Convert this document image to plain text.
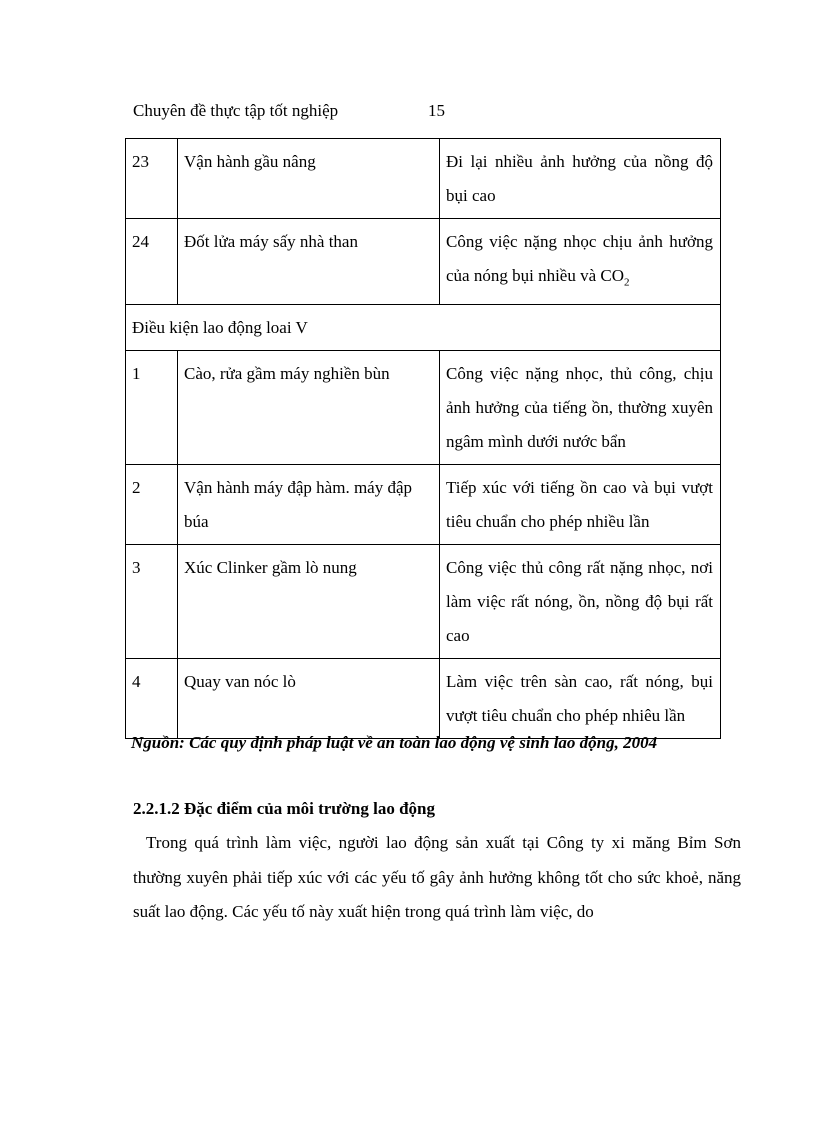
Chuyên đề thực tập tốt nghiệp	15
23	Vận hành gầu nâng	Đi lại nhiều ảnh hưởng của nồng độ bụi cao
24	Đốt lửa máy sấy nhà than	Công việc nặng nhọc chịu ảnh hưởng của nóng bụi nhiều và $CO_2$
Điều kiện lao động loai V		
1	Cào, rửa gầm máy nghiền bùn	Công việc nặng nhọc, thủ công, chịu ảnh hưởng của tiếng ồn, thường xuyên ngâm mình dưới nước bẩn
2	Vận hành máy đập hàm. máy đập búa	Tiếp xúc với tiếng ồn cao và bụi vượt tiêu chuẩn cho phép nhiều lần
3	Xúc Clinker gầm lò nung	Công việc thủ công rất nặng nhọc, nơi làm việc rất nóng, ồn, nồng độ bụi rất cao
4	Quay van nóc lò	Làm việc trên sàn cao, rất nóng, bụi vượt tiêu chuẩn cho phép nhiêu lần
Nguồn: Các quy định pháp luật về an toàn lao động vệ sinh lao động, 2004
2.2.1.2 Đặc điểm của môi trường lao động

Trong quá trình làm việc, người lao động sản xuất tại Công ty xi măng Bỉm Sơn thường xuyên phải tiếp xúc với các yếu tố gây ảnh hưởng không tốt cho sức khoẻ, năng suất lao động. Các yếu tố này xuất hiện trong quá trình làm việc, do
